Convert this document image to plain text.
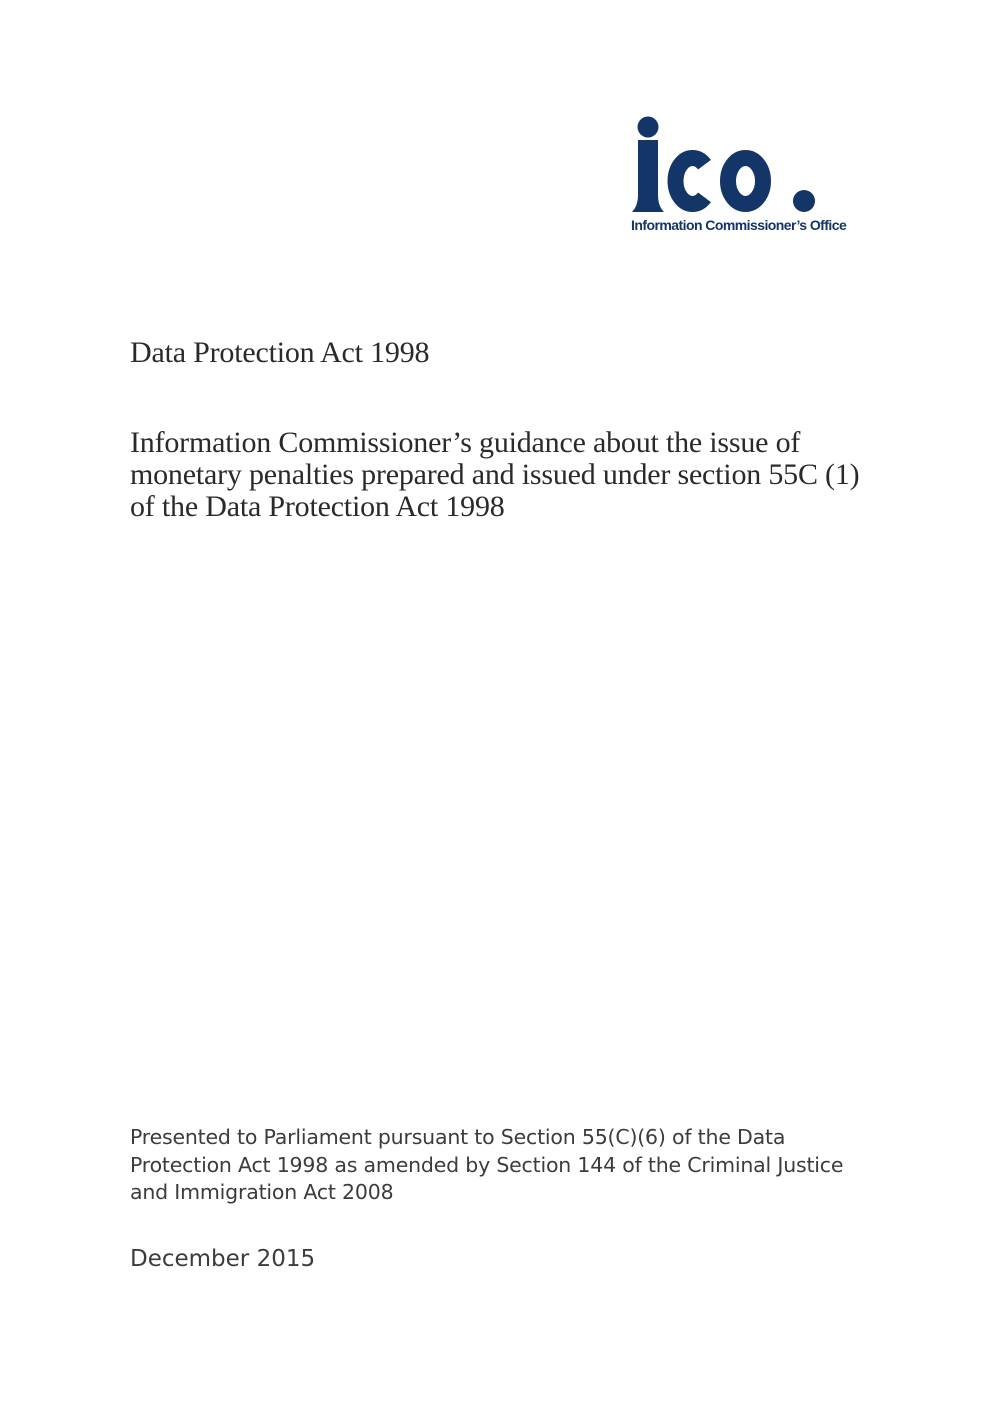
Information Commissioner’s Office
Data Protection Act 1998
Information Commissioner’s guidance about the issue of
monetary penalties prepared and issued under section 55C (1)
of the Data Protection Act 1998
Presented to Parliament pursuant to Section 55(C)(6) of the Data
Protection Act 1998 as amended by Section 144 of the Criminal Justice
and Immigration Act 2008
December 2015
